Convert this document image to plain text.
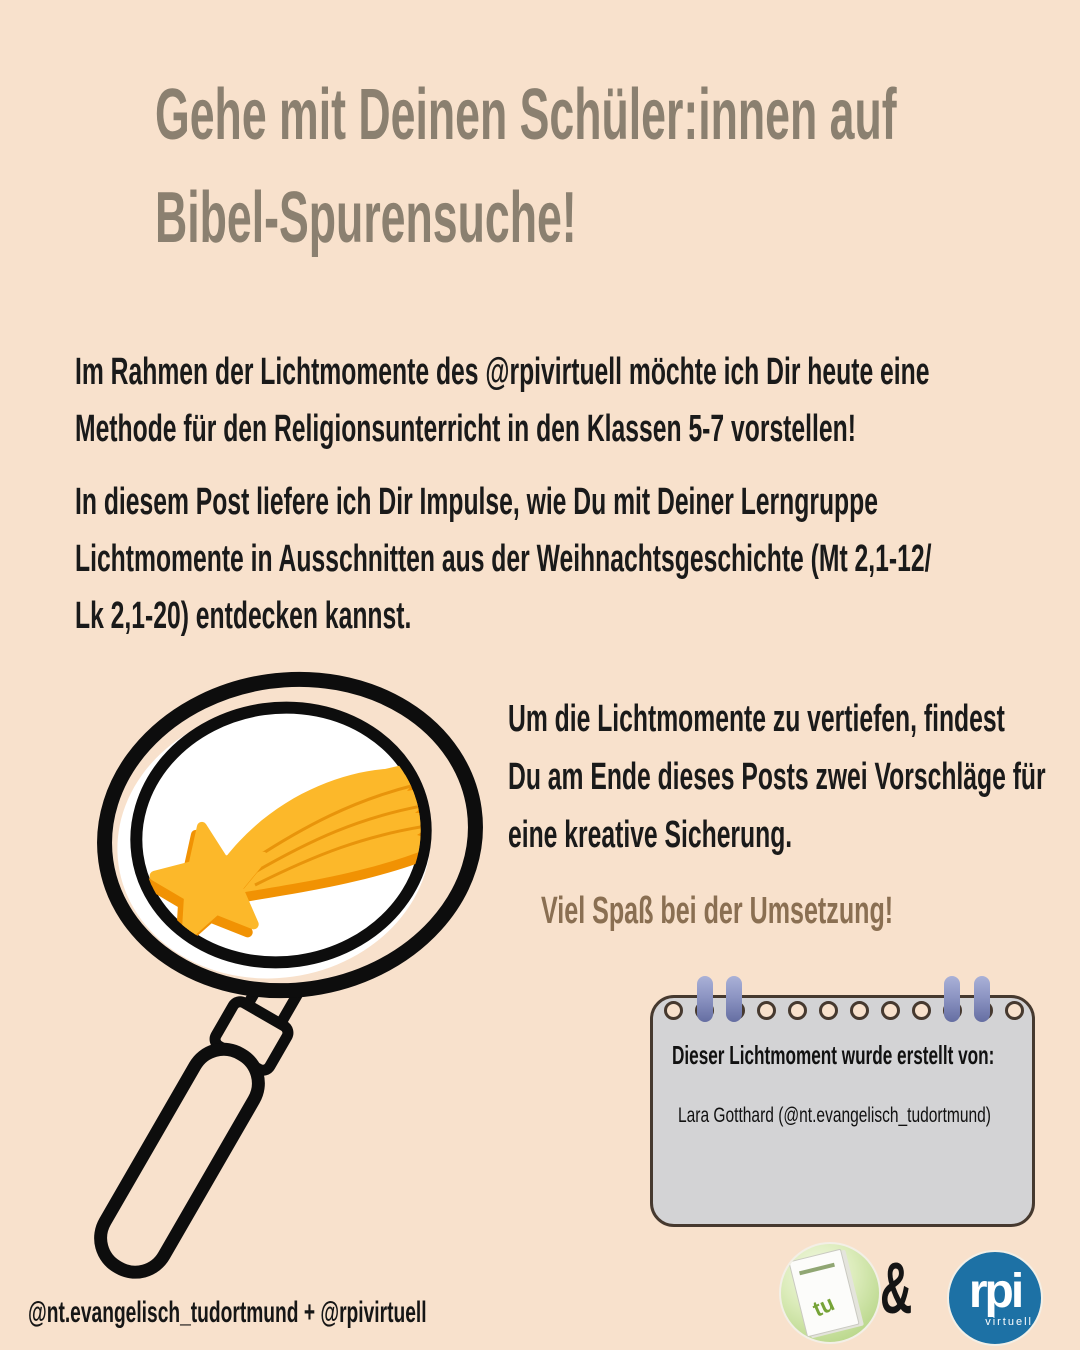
Gehe mit Deinen Schüler:innen auf
Bibel-Spurensuche!
Im Rahmen der Lichtmomente des @rpivirtuell möchte ich Dir heute eine
Methode für den Religionsunterricht in den Klassen 5-7 vorstellen!
In diesem Post liefere ich Dir Impulse, wie Du mit Deiner Lerngruppe
Lichtmomente in Ausschnitten aus der Weihnachtsgeschichte (Mt 2,1-12/
Lk 2,1-20) entdecken kannst.
Um die Lichtmomente zu vertiefen, findest
Du am Ende dieses Posts zwei Vorschläge für
eine kreative Sicherung.
Viel Spaß bei der Umsetzung!
Dieser Lichtmoment wurde erstellt von:
Lara Gotthard (@nt.evangelisch_tudortmund)
tu &	rpi
virtuell
@nt.evangelisch_tudortmund + @rpivirtuell
